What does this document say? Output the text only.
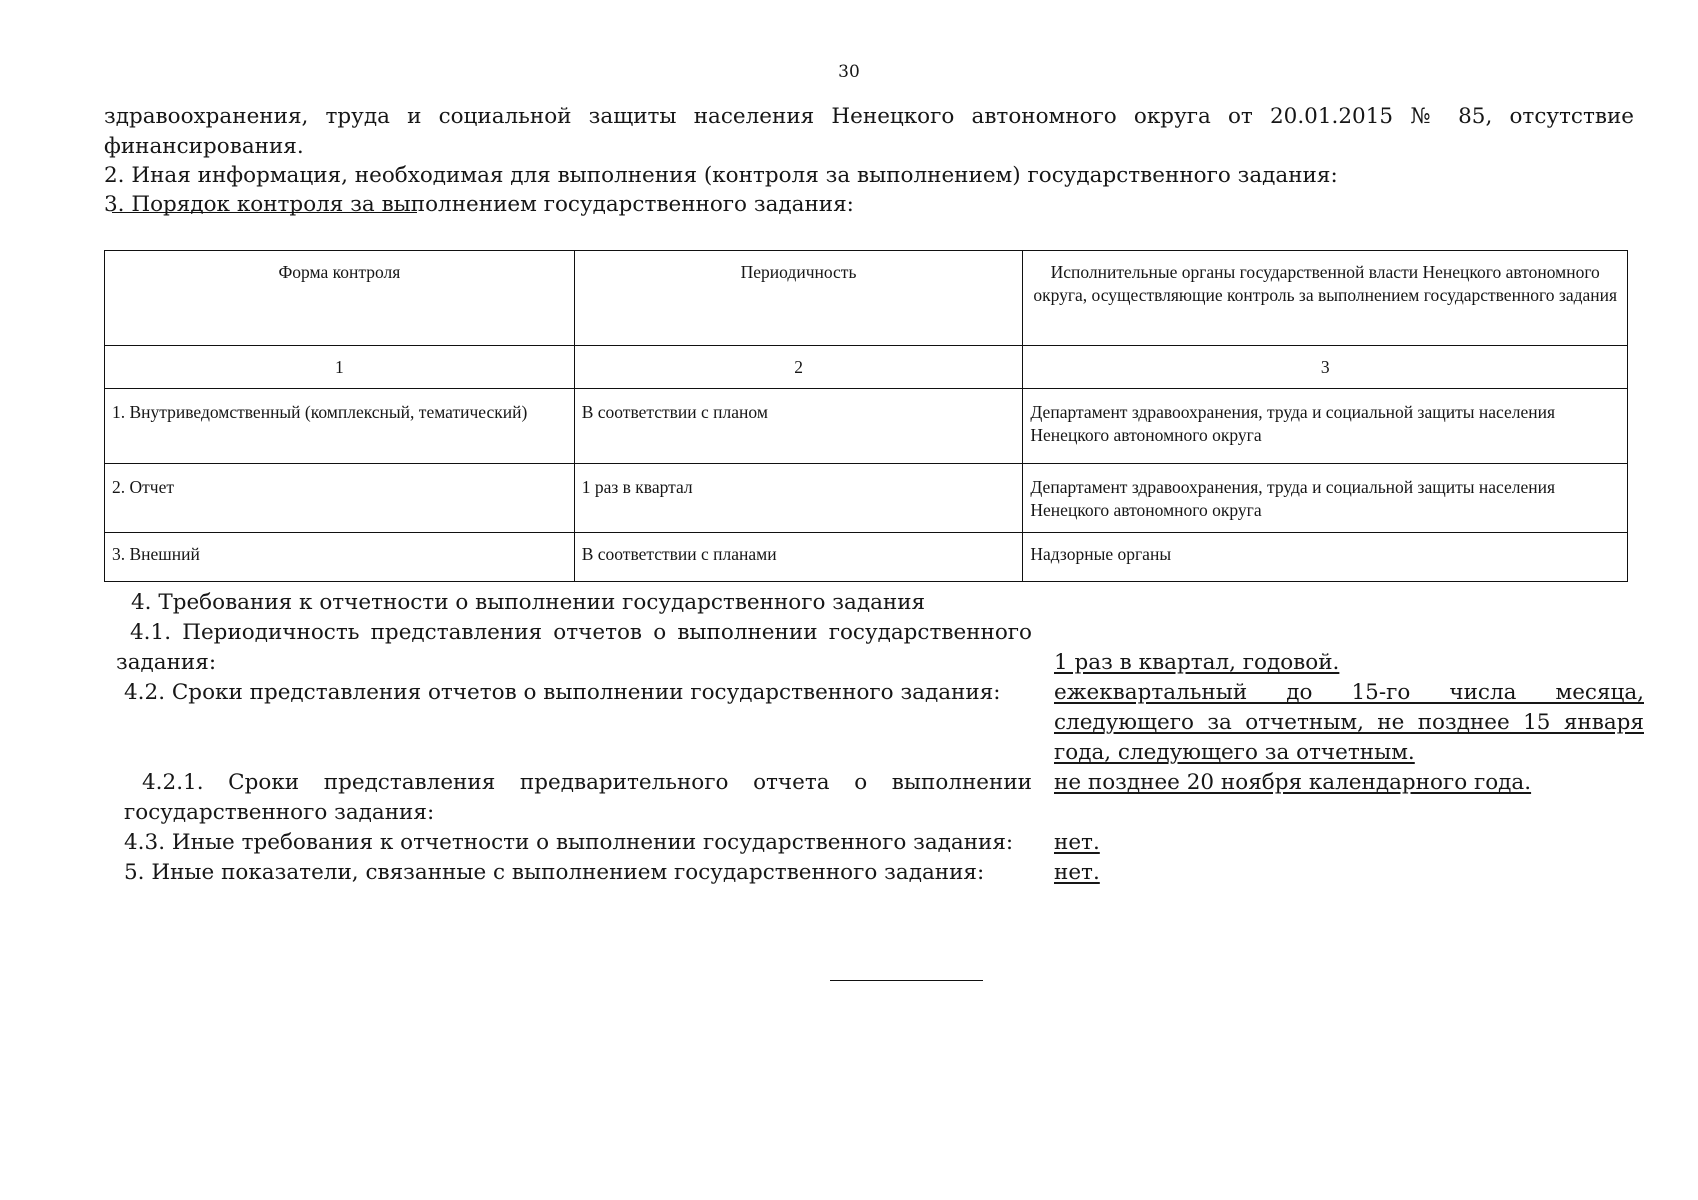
30
здравоохранения, труда и социальной защиты населения Ненецкого автономного округа от 20.01.2015 № 85, отсутствие
финансирования.
2. Иная информация, необходимая для выполнения (контроля за выполнением) государственного задания:
3. Порядок контроля за выполнением государственного задания:
Форма контроля	Периодичность	Исполнительные органы государственной власти Ненецкого автономного округа, осуществляющие контроль за выполнением государственного задания
1	2	3
1. Внутриведомственный (комплексный, тематический)	В соответствии с планом	Департамент здравоохранения, труда и социальной защиты населения Ненецкого автономного округа
2. Отчет	1 раз в квартал	Департамент здравоохранения, труда и социальной защиты населения Ненецкого автономного округа
3. Внешний	В соответствии с планами	Надзорные органы
4. Требования к отчетности о выполнении государственного задания
4.1. Периодичность представления отчетов о выполнении государственного
задания:	1 раз в квартал, годовой.
4.2. Сроки представления отчетов о выполнении государственного задания: ежеквартальный до 15-го числа месяца,
следующего за отчетным, не позднее 15 января
года, следующего за отчетным.
4.2.1. Сроки представления предварительного отчета о выполнении
государственного задания:
не позднее 20 ноября календарного года.
4.3. Иные требования к отчетности о выполнении государственного задания: нет.
5. Иные показатели, связанные с выполнением государственного задания:	нет.
